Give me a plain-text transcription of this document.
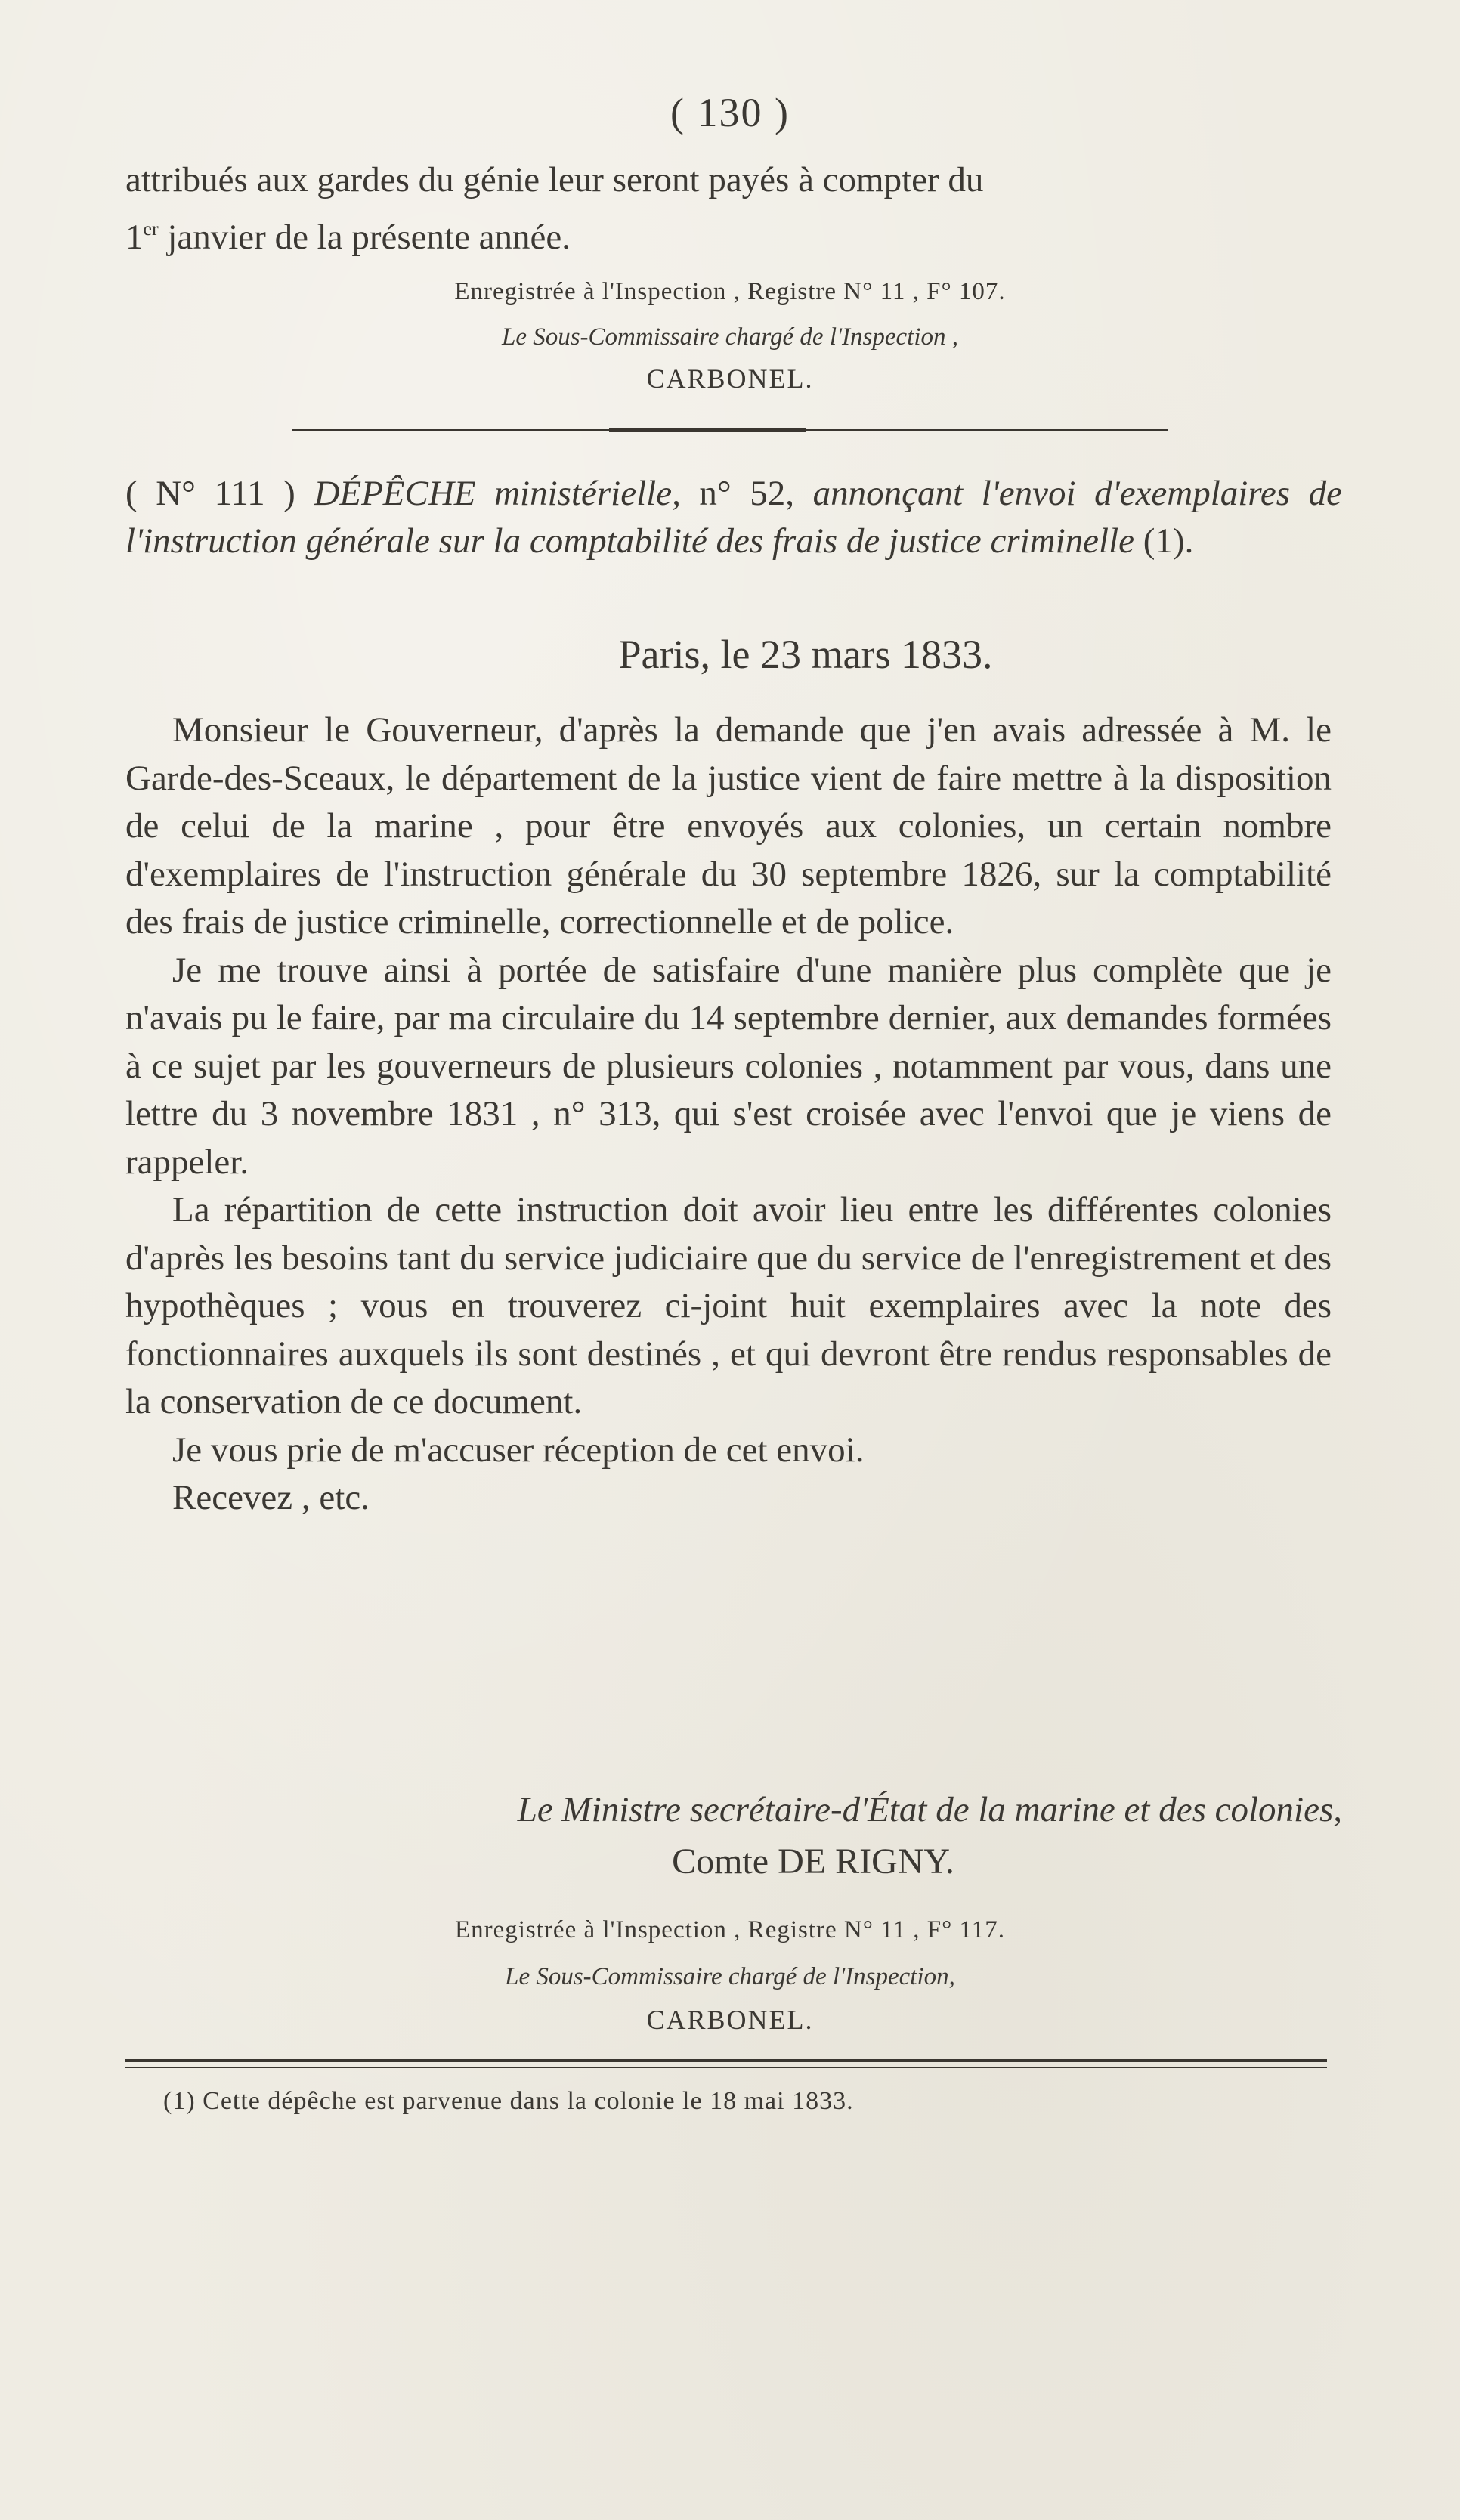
( 130 )

attribués aux gardes du génie leur seront payés à compter du

1er janvier de la présente année.

Enregistrée à l'Inspection , Registre N° 11 , F° 107.
Le Sous-Commissaire chargé de l'Inspection ,
CARBONEL.
( N° 111 ) DÉPÊCHE ministérielle, n° 52, annonçant l'envoi d'exemplaires de l'instruction générale sur la comptabilité des frais de justice criminelle (1).
Paris, le 23 mars 1833.

Monsieur le Gouverneur, d'après la demande que j'en avais adressée à M. le Garde-des-Sceaux, le département de la justice vient de faire mettre à la disposition de celui de la marine , pour être envoyés aux colonies, un certain nombre d'exemplaires de l'instruction générale du 30 septembre 1826, sur la comptabilité des frais de justice criminelle, correctionnelle et de police.

Je me trouve ainsi à portée de satisfaire d'une manière plus complète que je n'avais pu le faire, par ma circulaire du 14 septembre dernier, aux demandes formées à ce sujet par les gouverneurs de plusieurs colonies , notamment par vous, dans une lettre du 3 novembre 1831 , n° 313, qui s'est croisée avec l'envoi que je viens de rappeler.

La répartition de cette instruction doit avoir lieu entre les différentes colonies d'après les besoins tant du service judiciaire que du service de l'enregistrement et des hypothèques ; vous en trouverez ci-joint huit exemplaires avec la note des fonctionnaires auxquels ils sont destinés , et qui devront être rendus responsables de la conservation de ce document.

Je vous prie de m'accuser réception de cet envoi.

Recevez , etc.

Le Ministre secrétaire-d'État de la marine et des colonies,
Comte DE RIGNY.
Enregistrée à l'Inspection , Registre N° 11 , F° 117.
Le Sous-Commissaire chargé de l'Inspection,
CARBONEL.
(1) Cette dépêche est parvenue dans la colonie le 18 mai 1833.
